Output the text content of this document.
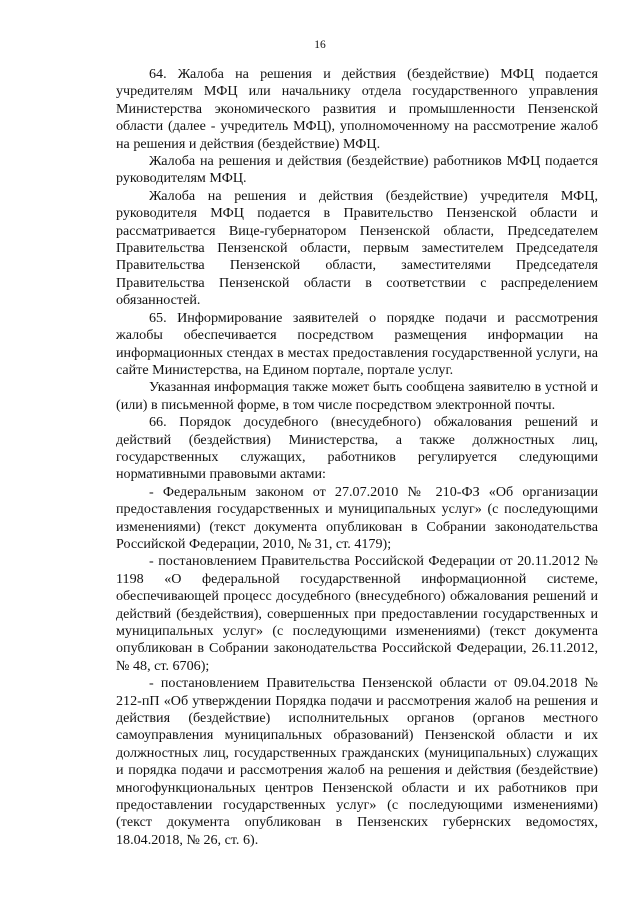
16

64. Жалоба на решения и действия (бездействие) МФЦ подается учредителям МФЦ или начальнику отдела государственного управления Министерства экономического развития и промышленности Пензенской области (далее - учредитель МФЦ), уполномоченному на рассмотрение жалоб на решения и действия (бездействие) МФЦ.

Жалоба на решения и действия (бездействие) работников МФЦ подается руководителям МФЦ.

Жалоба на решения и действия (бездействие) учредителя МФЦ, руководителя МФЦ подается в Правительство Пензенской области и рассматривается Вице-губернатором Пензенской области, Председателем Правительства Пензенской области, первым заместителем Председателя Правительства Пензенской области, заместителями Председателя Правительства Пензенской области в соответствии с распределением обязанностей.

65. Информирование заявителей о порядке подачи и рассмотрения жалобы обеспечивается посредством размещения информации на информационных стендах в местах предоставления государственной услуги, на сайте Министерства, на Едином портале, портале услуг.

Указанная информация также может быть сообщена заявителю в устной и (или) в письменной форме, в том числе посредством электронной почты.

66. Порядок досудебного (внесудебного) обжалования решений и действий (бездействия) Министерства, а также должностных лиц, государственных служащих, работников регулируется следующими нормативными правовыми актами:

- Федеральным законом от 27.07.2010 № 210-ФЗ «Об организации предоставления государственных и муниципальных услуг» (с последующими изменениями) (текст документа опубликован в Собрании законодательства Российской Федерации, 2010, № 31, ст. 4179);

- постановлением Правительства Российской Федерации от 20.11.2012 № 1198 «О федеральной государственной информационной системе, обеспечивающей процесс досудебного (внесудебного) обжалования решений и действий (бездействия), совершенных при предоставлении государственных и муниципальных услуг» (с последующими изменениями) (текст документа опубликован в Собрании законодательства Российской Федерации, 26.11.2012, № 48, ст. 6706);

- постановлением Правительства Пензенской области от 09.04.2018 № 212-пП «Об утверждении Порядка подачи и рассмотрения жалоб на решения и действия (бездействие) исполнительных органов (органов местного самоуправления муниципальных образований) Пензенской области и их должностных лиц, государственных гражданских (муниципальных) служащих и порядка подачи и рассмотрения жалоб на решения и действия (бездействие) многофункциональных центров Пензенской области и их работников при предоставлении государственных услуг» (с последующими изменениями) (текст документа опубликован в Пензенских губернских ведомостях, 18.04.2018, № 26, ст. 6).
